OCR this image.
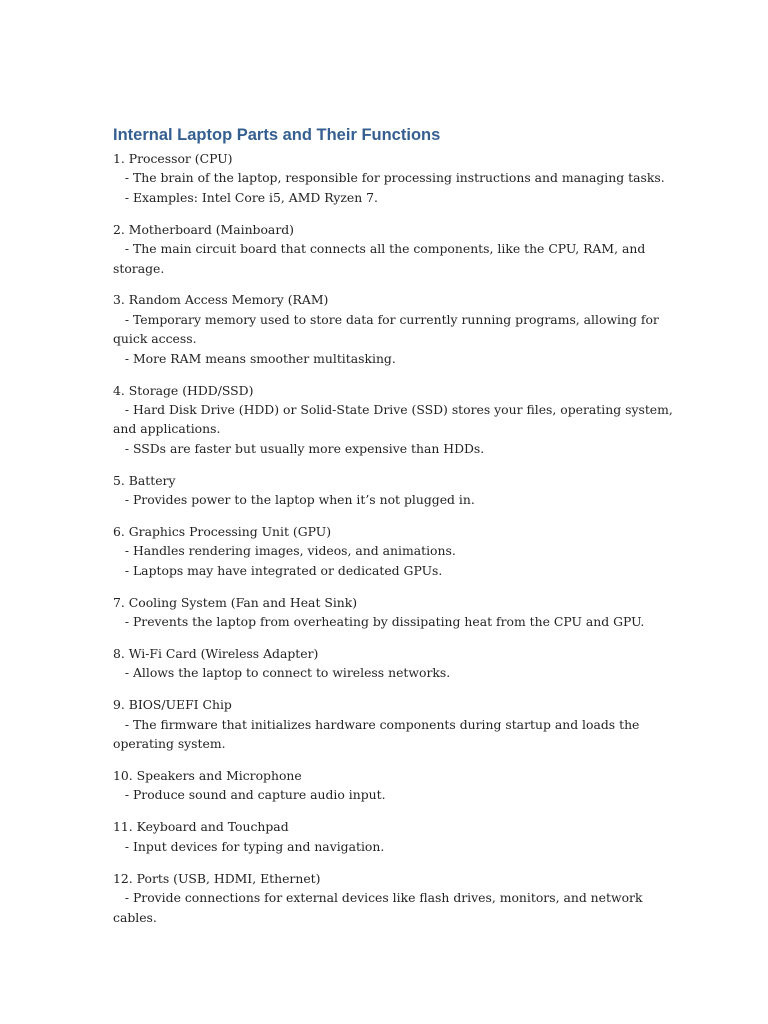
Internal Laptop Parts and Their Functions
1. Processor (CPU)
- The brain of the laptop, responsible for processing instructions and managing tasks.
- Examples: Intel Core i5, AMD Ryzen 7.
2. Motherboard (Mainboard)
- The main circuit board that connects all the components, like the CPU, RAM, and storage.
3. Random Access Memory (RAM)
- Temporary memory used to store data for currently running programs, allowing for quick access.
- More RAM means smoother multitasking.
4. Storage (HDD/SSD)
- Hard Disk Drive (HDD) or Solid-State Drive (SSD) stores your files, operating system, and applications.
- SSDs are faster but usually more expensive than HDDs.
5. Battery
- Provides power to the laptop when it’s not plugged in.
6. Graphics Processing Unit (GPU)
- Handles rendering images, videos, and animations.
- Laptops may have integrated or dedicated GPUs.
7. Cooling System (Fan and Heat Sink)
- Prevents the laptop from overheating by dissipating heat from the CPU and GPU.
8. Wi-Fi Card (Wireless Adapter)
- Allows the laptop to connect to wireless networks.
9. BIOS/UEFI Chip
- The firmware that initializes hardware components during startup and loads the operating system.
10. Speakers and Microphone
- Produce sound and capture audio input.
11. Keyboard and Touchpad
- Input devices for typing and navigation.
12. Ports (USB, HDMI, Ethernet)
- Provide connections for external devices like flash drives, monitors, and network cables.
